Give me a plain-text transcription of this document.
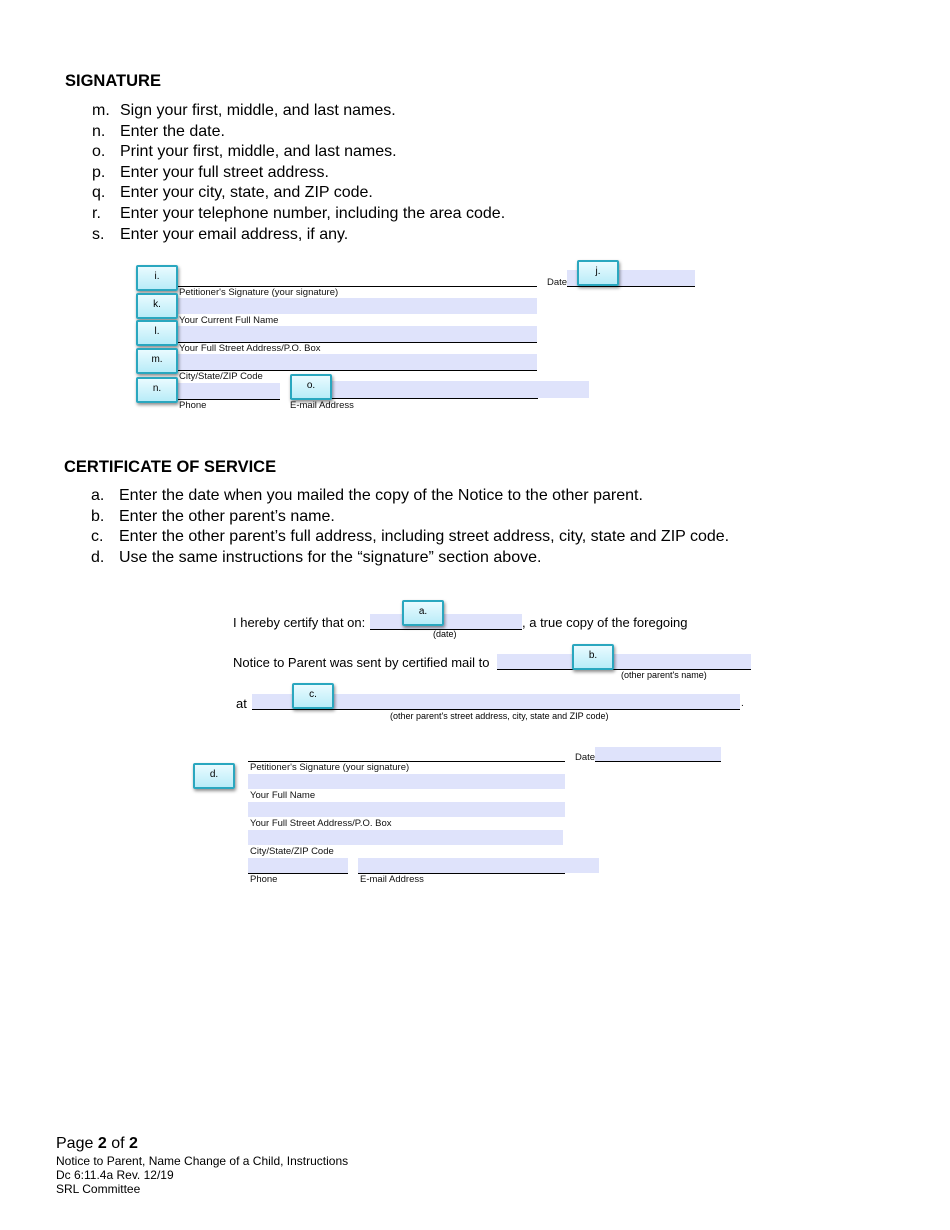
SIGNATURE
m. Sign your first, middle, and last names.
n. Enter the date.
o. Print your first, middle, and last names.
p. Enter your full street address.
q. Enter your city, state, and ZIP code.
r. Enter your telephone number, including the area code.
s. Enter your email address, if any.
Petitioner's Signature (your signature)
Date
Your Current Full Name
Your Full Street Address/P.O. Box
City/State/ZIP Code
Phone	E-mail Address
i.	j.
k.
l.
m.
n.	o.
CERTIFICATE OF SERVICE
a. Enter the date when you mailed the copy of the Notice to the other parent.
b. Enter the other parent’s name.
c. Enter the other parent’s full address, including street address, city, state and ZIP code.
d. Use the same instructions for the “signature” section above.
I hereby certify that on:
(date)
, a true copy of the foregoing
Notice to Parent was sent by certified mail to
(other parent's name)
at	.
(other parent's street address, city, state and ZIP code)
Date
Petitioner's Signature (your signature)
Your Full Name
Your Full Street Address/P.O. Box
City/State/ZIP Code
Phone	E-mail Address
a.
b.
c.
d.
Page 2 of 2
Notice to Parent, Name Change of a Child, Instructions
Dc 6:11.4a Rev. 12/19
SRL Committee
